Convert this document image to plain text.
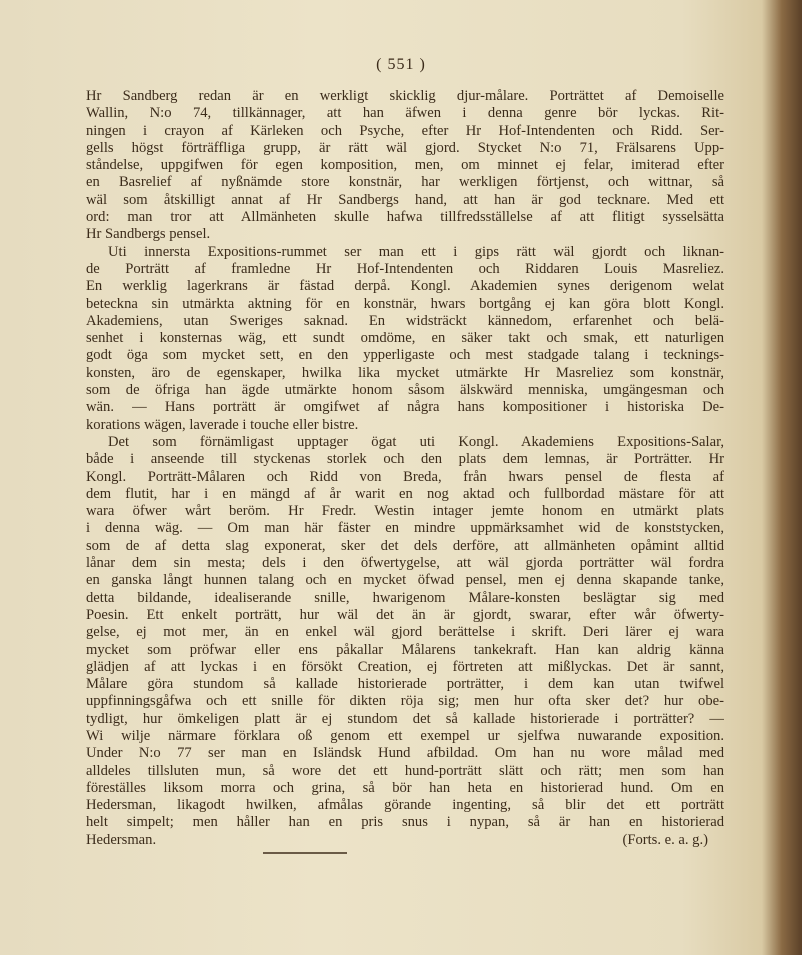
( 551 )
Hr Sandberg redan är en werkligt skicklig djur-målare. Porträttet af Demoiselle
Wallin, N:o 74, tillkännager, att han äfwen i denna genre bör lyckas. Rit-
ningen i crayon af Kärleken och Psyche, efter Hr Hof-Intendenten och Ridd. Ser-
gells högst förträffliga grupp, är rätt wäl gjord. Stycket N:o 71, Frälsarens Upp-
ståndelse, uppgifwen för egen komposition, men, om minnet ej felar, imiterad efter
en Basrelief af nyßnämde store konstnär, har werkligen förtjenst, och wittnar, så
wäl som åtskilligt annat af Hr Sandbergs hand, att han är god tecknare. Med ett
ord: man tror att Allmänheten skulle hafwa tillfredsställelse af att flitigt sysselsätta
Hr Sandbergs pensel.
Uti innersta Expositions-rummet ser man ett i gips rätt wäl gjordt och liknan-
de Porträtt af framledne Hr Hof-Intendenten och Riddaren Louis Masreliez.
En werklig lagerkrans är fästad derpå. Kongl. Akademien synes derigenom welat
beteckna sin utmärkta aktning för en konstnär, hwars bortgång ej kan göra blott Kongl.
Akademiens, utan Sweriges saknad. En widsträckt kännedom, erfarenhet och belä-
senhet i konsternas wäg, ett sundt omdöme, en säker takt och smak, ett naturligen
godt öga som mycket sett, en den ypperligaste och mest stadgade talang i tecknings-
konsten, äro de egenskaper, hwilka lika mycket utmärkte Hr Masreliez som konstnär,
som de öfriga han ägde utmärkte honom såsom älskwärd menniska, umgängesman och
wän. — Hans porträtt är omgifwet af några hans kompositioner i historiska De-
korations wägen, laverade i touche eller bistre.
Det som förnämligast upptager ögat uti Kongl. Akademiens Expositions-Salar,
både i anseende till styckenas storlek och den plats dem lemnas, är Porträtter. Hr
Kongl. Porträtt-Målaren och Ridd von Breda, från hwars pensel de flesta af
dem flutit, har i en mängd af år warit en nog aktad och fullbordad mästare för att
wara öfwer wårt beröm. Hr Fredr. Westin intager jemte honom en utmärkt plats
i denna wäg. — Om man här fäster en mindre uppmärksamhet wid de konststycken,
som de af detta slag exponerat, sker det dels derföre, att allmänheten opåmint alltid
lånar dem sin mesta; dels i den öfwertygelse, att wäl gjorda porträtter wäl fordra
en ganska långt hunnen talang och en mycket öfwad pensel, men ej denna skapande tanke,
detta bildande, idealiserande snille, hwarigenom Målare-konsten beslägtar sig med
Poesin. Ett enkelt porträtt, hur wäl det än är gjordt, swarar, efter wår öfwerty-
gelse, ej mot mer, än en enkel wäl gjord berättelse i skrift. Deri lärer ej wara
mycket som pröfwar eller ens påkallar Målarens tankekraft. Han kan aldrig känna
glädjen af att lyckas i en försökt Creation, ej förtreten att mißlyckas. Det är sannt,
Målare göra stundom så kallade historierade porträtter, i dem kan utan twifwel
uppfinningsgåfwa och ett snille för dikten röja sig; men hur ofta sker det? hur obe-
tydligt, hur ömkeligen platt är ej stundom det så kallade historierade i porträtter? —
Wi wilje närmare förklara oß genom ett exempel ur sjelfwa nuwarande exposition.
Under N:o 77 ser man en Isländsk Hund afbildad. Om han nu wore målad med
alldeles tillsluten mun, så wore det ett hund-porträtt slätt och rätt; men som han
föreställes liksom morra och grina, så bör han heta en historierad hund. Om en
Hedersman, likagodt hwilken, afmålas görande ingenting, så blir det ett porträtt
helt simpelt; men håller han en pris snus i nypan, så är han en historierad
Hedersman.	(Forts. e. a. g.)
